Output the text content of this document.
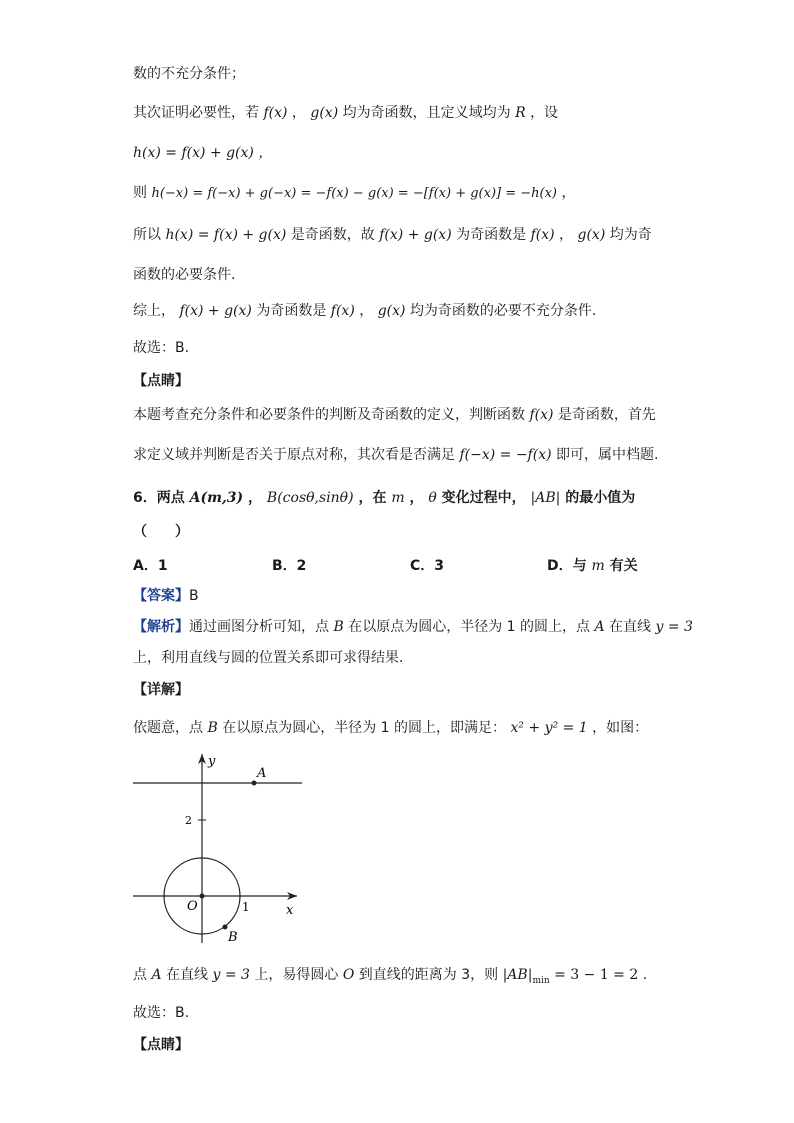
数的不充分条件；
其次证明必要性，若 f(x) ， g(x) 均为奇函数，且定义域均为 R ，设
h(x) = f(x) + g(x) ，
则 h(−x) = f(−x) + g(−x) = −f(x) − g(x) = −[f(x) + g(x)] = −h(x) ，
所以 h(x) = f(x) + g(x) 是奇函数，故 f(x) + g(x) 为奇函数是 f(x) ， g(x) 均为奇
函数的必要条件.
综上， f(x) + g(x) 为奇函数是 f(x) ， g(x) 均为奇函数的必要不充分条件.
故选：B.
【点睛】
本题考查充分条件和必要条件的判断及奇函数的定义，判断函数 f(x) 是奇函数，首先
求定义域并判断是否关于原点对称，其次看是否满足 f(−x) = −f(x) 即可，属中档题.
6．两点 A(m,3) ， B(cosθ,sinθ) ，在 m ， θ 变化过程中， |AB| 的最小值为
（　　）
A．1	B．2	C．3	D．与 m 有关
【答案】B
【解析】通过画图分析可知，点 B 在以原点为圆心，半径为 1 的圆上，点 A 在直线 y = 3
上，利用直线与圆的位置关系即可求得结果.
【详解】
依题意，点 B 在以原点为圆心，半径为 1 的圆上，即满足： x² + y² = 1 ，如图：
y
x
O
2
1
A
B
点 A 在直线 y = 3 上，易得圆心 O 到直线的距离为 3，则 $|AB|_{min} = 3 - 1 = 2$ .
故选：B.
【点睛】
